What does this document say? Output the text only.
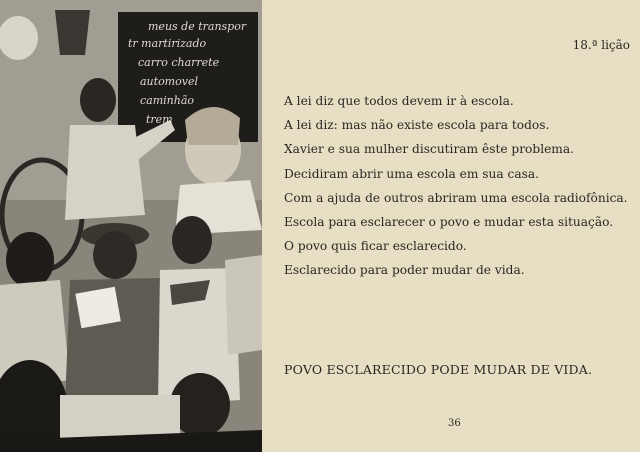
meus de transpor
tr martirizado
carro charrete
automovel
caminhão
trem
18.ª lição
A lei diz que todos devem ir à escola.
A lei diz: mas não existe escola para todos.
Xavier e sua mulher discutiram êste problema.
Decidiram abrir uma escola em sua casa.
Com a ajuda de outros abriram uma escola radiofônica.
Escola para esclarecer o povo e mudar esta situação.
O povo quis ficar esclarecido.
Esclarecido para poder mudar de vida.
POVO ESCLARECIDO PODE MUDAR DE VIDA.
36
